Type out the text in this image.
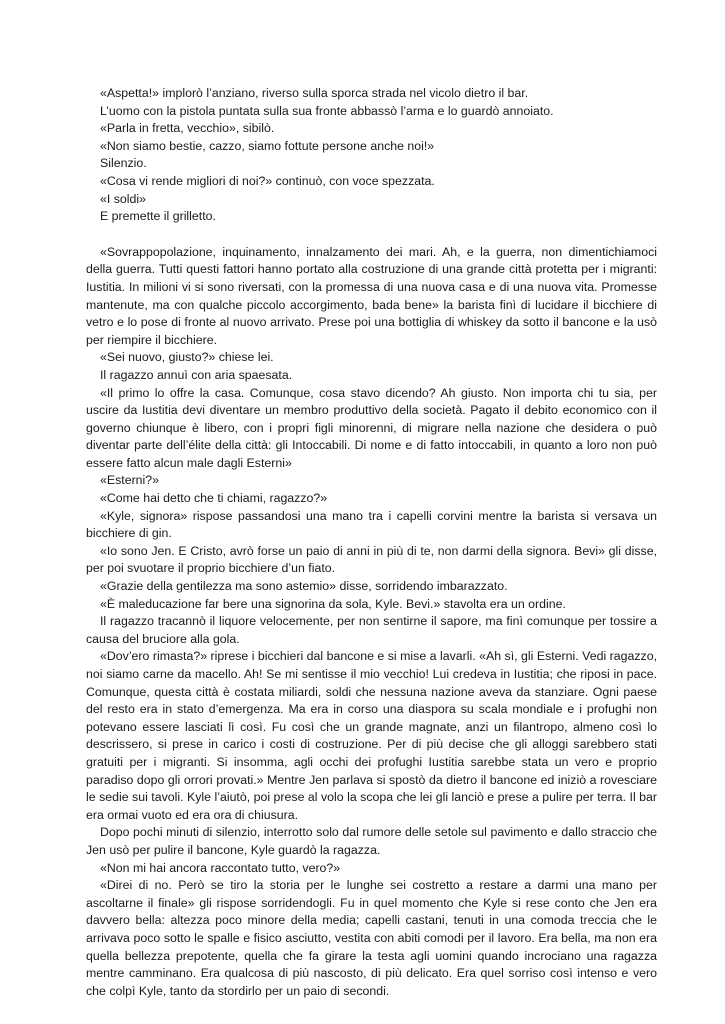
«Aspetta!» implorò l’anziano, riverso sulla sporca strada nel vicolo dietro il bar.

L’uomo con la pistola puntata sulla sua fronte abbassò l’arma e lo guardò annoiato.

«Parla in fretta, vecchio», sibilò.

«Non siamo bestie, cazzo, siamo fottute persone anche noi!»

Silenzio.

«Cosa vi rende migliori di noi?» continuò, con voce spezzata.

«I soldi»

E premette il grilletto.

«Sovrappopolazione, inquinamento, innalzamento dei mari. Ah, e la guerra, non dimentichiamoci della guerra. Tutti questi fattori hanno portato alla costruzione di una grande città protetta per i migranti: Iustitia. In milioni vi si sono riversati, con la promessa di una nuova casa e di una nuova vita. Promesse mantenute, ma con qualche piccolo accorgimento, bada bene» la barista finì di lucidare il bicchiere di vetro e lo pose di fronte al nuovo arrivato. Prese poi una bottiglia di whiskey da sotto il bancone e la usò per riempire il bicchiere.

«Sei nuovo, giusto?» chiese lei.

Il ragazzo annuì con aria spaesata.

«Il primo lo offre la casa. Comunque, cosa stavo dicendo? Ah giusto. Non importa chi tu sia, per uscire da Iustitia devi diventare un membro produttivo della società. Pagato il debito economico con il governo chiunque è libero, con i propri figli minorenni, di migrare nella nazione che desidera o può diventar parte dell’élite della città: gli Intoccabili. Di nome e di fatto intoccabili, in quanto a loro non può essere fatto alcun male dagli Esterni»

«Esterni?»

«Come hai detto che ti chiami, ragazzo?»

«Kyle, signora» rispose passandosi una mano tra i capelli corvini mentre la barista si versava un bicchiere di gin.

«Io sono Jen. E Cristo, avrò forse un paio di anni in più di te, non darmi della signora. Bevi» gli disse, per poi svuotare il proprio bicchiere d’un fiato.

«Grazie della gentilezza ma sono astemio» disse, sorridendo imbarazzato.

«È maleducazione far bere una signorina da sola, Kyle. Bevi.» stavolta era un ordine.

Il ragazzo tracannò il liquore velocemente, per non sentirne il sapore, ma finì comunque per tossire a causa del bruciore alla gola.

«Dov’ero rimasta?» riprese i bicchieri dal bancone e si mise a lavarli. «Ah sì, gli Esterni. Vedi ragazzo, noi siamo carne da macello. Ah! Se mi sentisse il mio vecchio! Lui credeva in Iustitia; che riposi in pace. Comunque, questa città è costata miliardi, soldi che nessuna nazione aveva da stanziare. Ogni paese del resto era in stato d’emergenza. Ma era in corso una diaspora su scala mondiale e i profughi non potevano essere lasciati lì così. Fu così che un grande magnate, anzi un filantropo, almeno così lo descrissero, si prese in carico i costi di costruzione. Per di più decise che gli alloggi sarebbero stati gratuiti per i migranti. Si insomma, agli occhi dei profughi Iustitia sarebbe stata un vero e proprio paradiso dopo gli orrori provati.» Mentre Jen parlava si spostò da dietro il bancone ed iniziò a rovesciare le sedie sui tavoli. Kyle l’aiutò, poi prese al volo la scopa che lei gli lanciò e prese a pulire per terra. Il bar era ormai vuoto ed era ora di chiusura.

Dopo pochi minuti di silenzio, interrotto solo dal rumore delle setole sul pavimento e dallo straccio che Jen usò per pulire il bancone, Kyle guardò la ragazza.

«Non mi hai ancora raccontato tutto, vero?»

«Direi di no. Però se tiro la storia per le lunghe sei costretto a restare a darmi una mano per ascoltarne il finale» gli rispose sorridendogli. Fu in quel momento che Kyle si rese conto che Jen era davvero bella: altezza poco minore della media; capelli castani, tenuti in una comoda treccia che le arrivava poco sotto le spalle e fisico asciutto, vestita con abiti comodi per il lavoro. Era bella, ma non era quella bellezza prepotente, quella che fa girare la testa agli uomini quando incrociano una ragazza mentre camminano. Era qualcosa di più nascosto, di più delicato. Era quel sorriso così intenso e vero che colpì Kyle, tanto da stordirlo per un paio di secondi.
